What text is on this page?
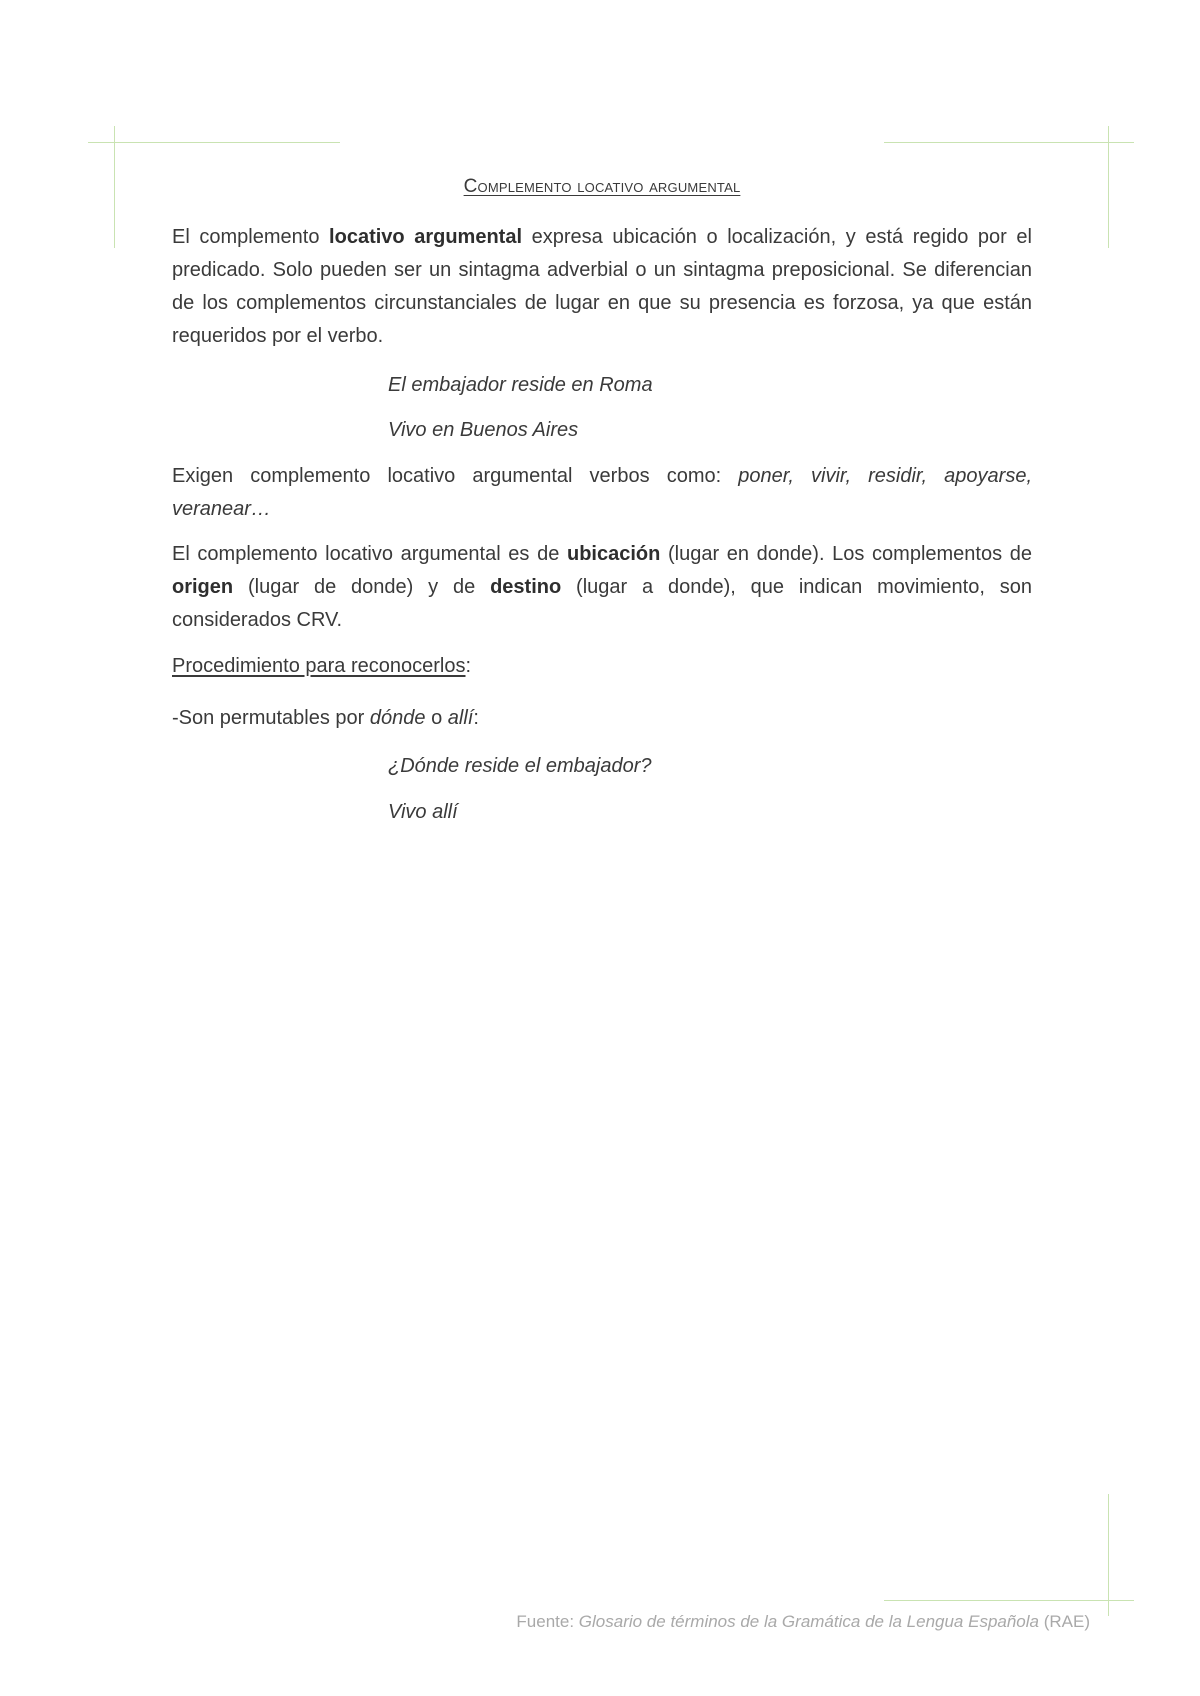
Complemento locativo argumental
El complemento locativo argumental expresa ubicación o localización, y está regido por el predicado. Solo pueden ser un sintagma adverbial o un sintagma preposicional. Se diferencian de los complementos circunstanciales de lugar en que su presencia es forzosa, ya que están requeridos por el verbo.
El embajador reside en Roma
Vivo en Buenos Aires
Exigen complemento locativo argumental verbos como: poner, vivir, residir, apoyarse, veranear…
El complemento locativo argumental es de ubicación (lugar en donde). Los complementos de origen (lugar de donde) y de destino (lugar a donde), que indican movimiento, son considerados CRV.
Procedimiento para reconocerlos:
-Son permutables por dónde o allí:
¿Dónde reside el embajador?
Vivo allí
Fuente: Glosario de términos de la Gramática de la Lengua Española (RAE)
